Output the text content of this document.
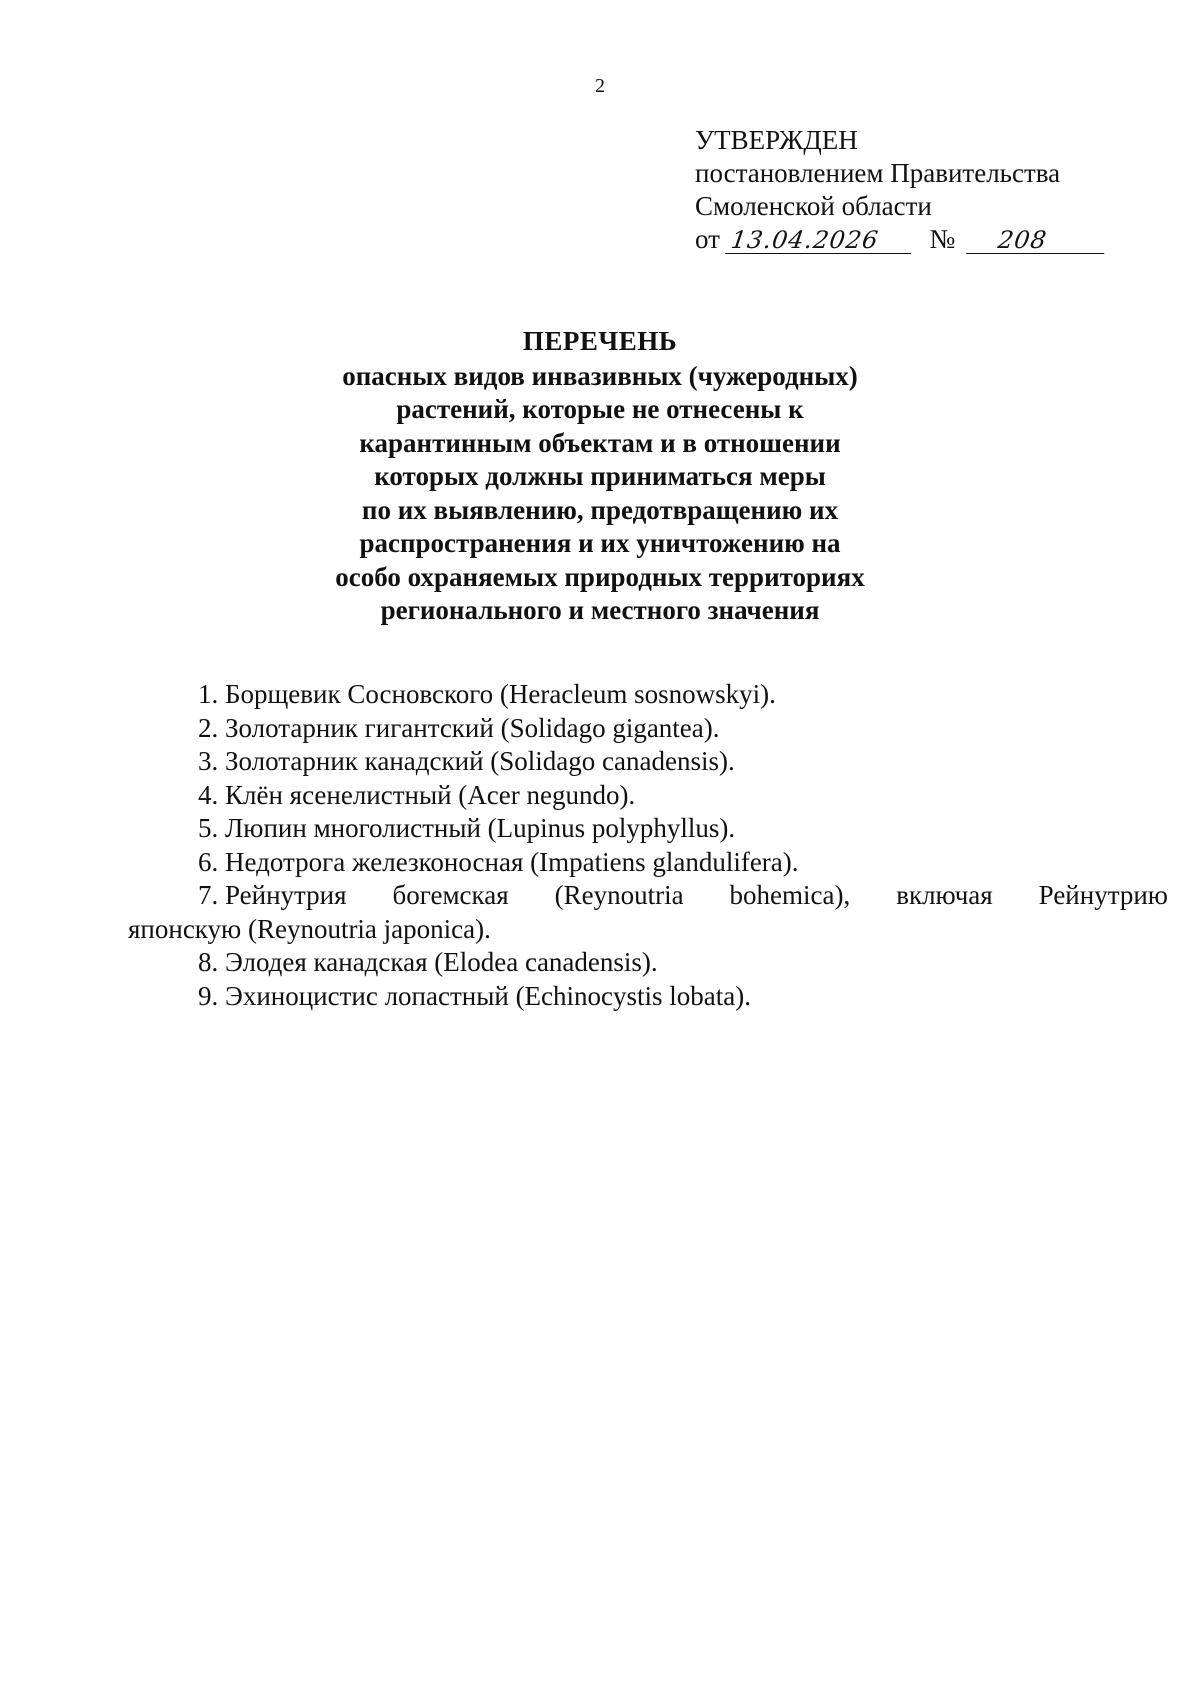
2
УТВЕРЖДЕН
постановлением Правительства
Смоленской области
от 13.04.2026 № 208
ПЕРЕЧЕНЬ
опасных видов инвазивных (чужеродных)
растений, которые не отнесены к
карантинным объектам и в отношении
которых должны приниматься меры
по их выявлению, предотвращению их
распространения и их уничтожению на
особо охраняемых природных территориях
регионального и местного значения
1. Борщевик Сосновского (Heracleum sosnowskyi).
2. Золотарник гигантский (Solidago gigantea).
3. Золотарник канадский (Solidago canadensis).
4. Клён ясенелистный (Acer negundo).
5. Люпин многолистный (Lupinus polyphyllus).
6. Недотрога железконосная (Impatiens glandulifera).
7. Рейнутрия богемская (Reynoutria bohemica), включая Рейнутрию
японскую (Reynoutria japonica).
8. Элодея канадская (Elodea canadensis).
9. Эхиноцистис лопастный (Echinocystis lobata).
